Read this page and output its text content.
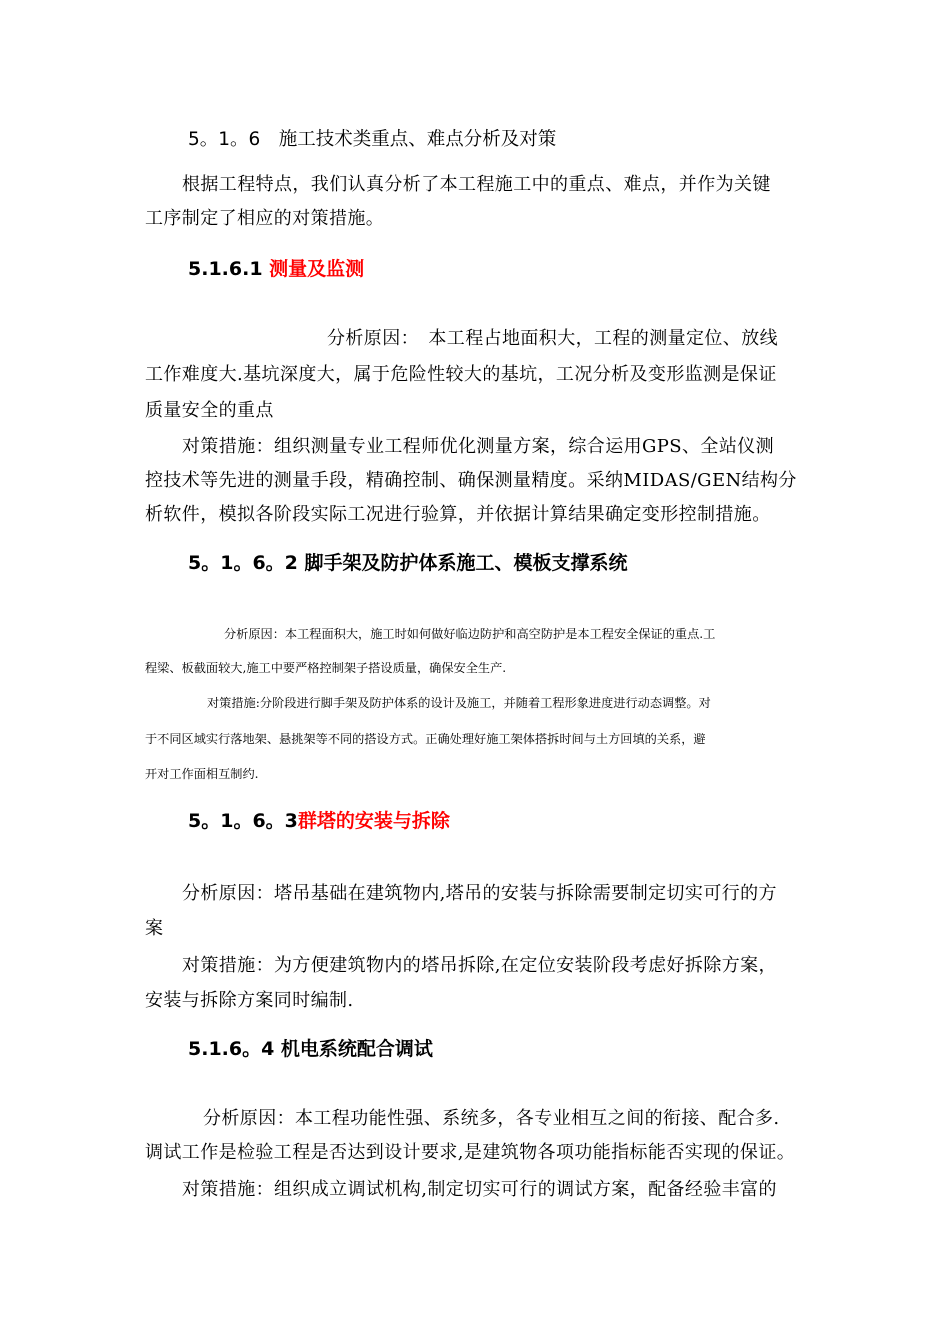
5。1。6　施工技术类重点、难点分析及对策
根据工程特点，我们认真分析了本工程施工中的重点、难点，并作为关键
工序制定了相应的对策措施。
5.1.6.1 测量及监测
分析原因：　本工程占地面积大，工程的测量定位、放线
工作难度大.基坑深度大，属于危险性较大的基坑，工况分析及变形监测是保证
质量安全的重点
对策措施：组织测量专业工程师优化测量方案，综合运用GPS、全站仪测
控技术等先进的测量手段，精确控制、确保测量精度。采纳MIDAS/GEN结构分
析软件，模拟各阶段实际工况进行验算，并依据计算结果确定变形控制措施。
5。1。6。2 脚手架及防护体系施工、模板支撑系统
分析原因：本工程面积大，施工时如何做好临边防护和高空防护是本工程安全保证的重点.工
程梁、板截面较大,施工中要严格控制架子搭设质量，确保安全生产.
对策措施:分阶段进行脚手架及防护体系的设计及施工，并随着工程形象进度进行动态调整。对
于不同区域实行落地架、悬挑架等不同的搭设方式。正确处理好施工架体搭拆时间与土方回填的关系，避
开对工作面相互制约.
5。1。6。3群塔的安装与拆除
分析原因：塔吊基础在建筑物内,塔吊的安装与拆除需要制定切实可行的方
案
对策措施：为方便建筑物内的塔吊拆除,在定位安装阶段考虑好拆除方案，
安装与拆除方案同时编制.
5.1.6。4 机电系统配合调试
分析原因：本工程功能性强、系统多，各专业相互之间的衔接、配合多.
调试工作是检验工程是否达到设计要求,是建筑物各项功能指标能否实现的保证。
对策措施：组织成立调试机构,制定切实可行的调试方案，配备经验丰富的
